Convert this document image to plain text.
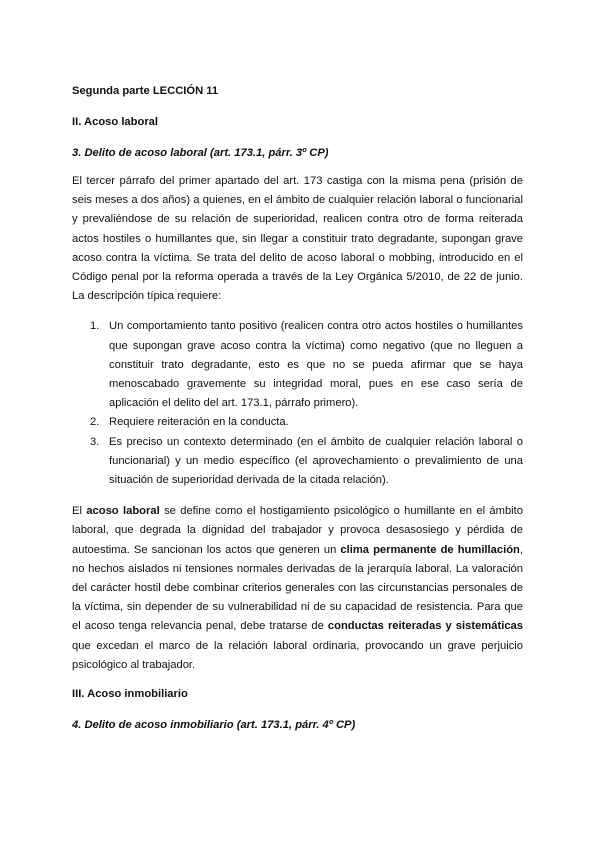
Segunda parte LECCIÓN 11

II. Acoso laboral

3. Delito de acoso laboral (art. 173.1, párr. 3º CP)

El tercer párrafo del primer apartado del art. 173 castiga con la misma pena (prisión de seis meses a dos años) a quienes, en el ámbito de cualquier relación laboral o funcionarial y prevaliéndose de su relación de superioridad, realicen contra otro de forma reiterada actos hostiles o humillantes que, sin llegar a constituir trato degradante, supongan grave acoso contra la víctima. Se trata del delito de acoso laboral o mobbing, introducido en el Código penal por la reforma operada a través de la Ley Orgánica 5/2010, de 22 de junio. La descripción típica requiere:

1. Un comportamiento tanto positivo (realicen contra otro actos hostiles o humillantes que supongan grave acoso contra la víctima) como negativo (que no lleguen a constituir trato degradante, esto es que no se pueda afirmar que se haya menoscabado gravemente su integridad moral, pues en ese caso sería de aplicación el delito del art. 173.1, párrafo primero).
2. Requiere reiteración en la conducta.
3. Es preciso un contexto determinado (en el ámbito de cualquier relación laboral o funcionarial) y un medio específico (el aprovechamiento o prevalimiento de una situación de superioridad derivada de la citada relación).

El acoso laboral se define como el hostigamiento psicológico o humillante en el ámbito laboral, que degrada la dignidad del trabajador y provoca desasosiego y pérdida de autoestima. Se sancionan los actos que generen un clima permanente de humillación, no hechos aislados ni tensiones normales derivadas de la jerarquía laboral. La valoración del carácter hostil debe combinar criterios generales con las circunstancias personales de la víctima, sin depender de su vulnerabilidad ni de su capacidad de resistencia. Para que el acoso tenga relevancia penal, debe tratarse de conductas reiteradas y sistemáticas que excedan el marco de la relación laboral ordinaria, provocando un grave perjuicio psicológico al trabajador.

III. Acoso inmobiliario

4. Delito de acoso inmobiliario (art. 173.1, párr. 4º CP)
